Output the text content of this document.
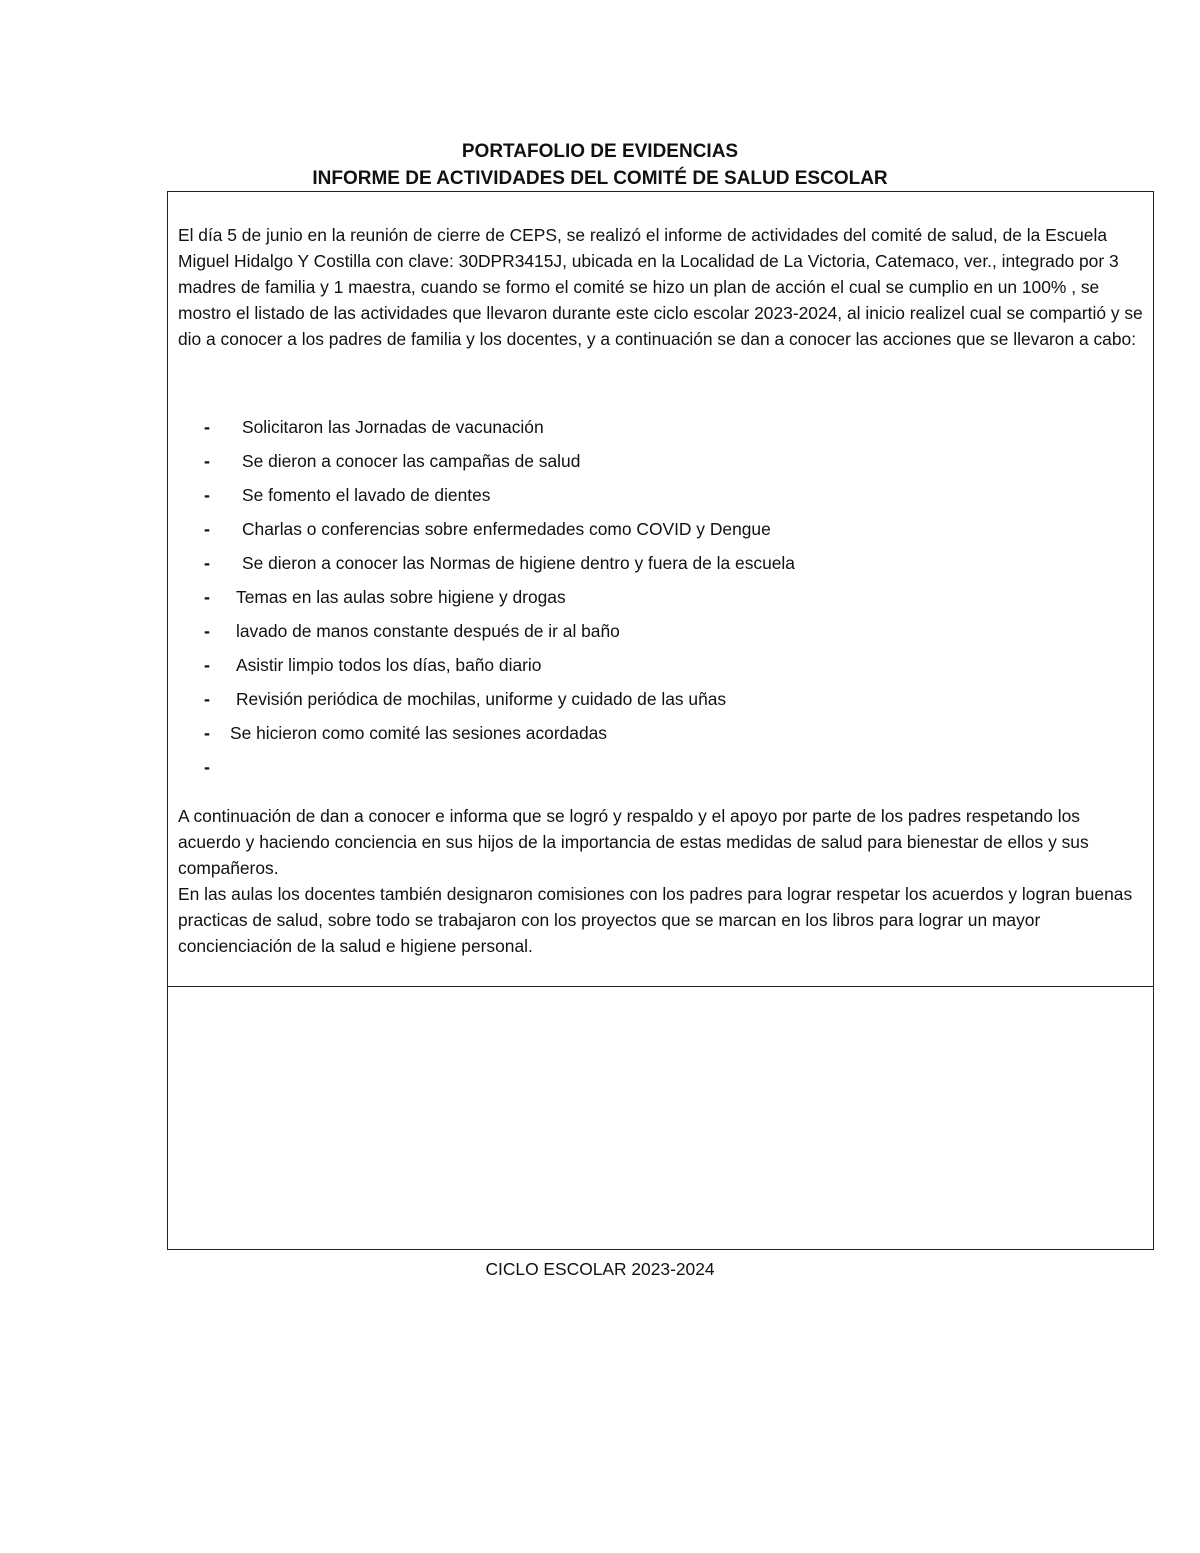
PORTAFOLIO DE EVIDENCIAS
INFORME DE ACTIVIDADES DEL COMITÉ DE SALUD ESCOLAR

El día 5 de junio en la reunión de cierre de CEPS, se realizó el informe de actividades del comité de salud, de la Escuela Miguel Hidalgo Y Costilla con clave: 30DPR3415J, ubicada en la Localidad de La Victoria, Catemaco, ver., integrado por 3 madres de familia y 1 maestra, cuando se formo el comité se hizo un plan de acción el cual se cumplio en un 100% , se mostro el listado de las actividades que llevaron durante este ciclo escolar 2023-2024, al inicio realizel cual se compartió y se dio a conocer a los padres de familia y los docentes, y a continuación se dan a conocer las acciones que se llevaron a cabo:

- Solicitaron las Jornadas de vacunación
- Se dieron a conocer las campañas de salud
- Se fomento el lavado de dientes
- Charlas o conferencias sobre enfermedades como COVID y Dengue
- Se dieron a conocer las Normas de higiene dentro y fuera de la escuela
- Temas en las aulas sobre higiene y drogas
- lavado de manos constante después de ir al baño
- Asistir limpio todos los días, baño diario
- Revisión periódica de mochilas, uniforme y cuidado de las uñas
- Se hicieron como comité las sesiones acordadas
-

A continuación de dan a conocer e informa que se logró y respaldo y el apoyo por parte de los padres respetando los acuerdo y haciendo conciencia en sus hijos de la importancia de estas medidas de salud para bienestar de ellos y sus compañeros.

En las aulas los docentes también designaron comisiones con los padres para lograr respetar los acuerdos y logran buenas practicas de salud, sobre todo se trabajaron con los proyectos que se marcan en los libros para lograr un mayor concienciación de la salud e higiene personal.

CICLO ESCOLAR 2023-2024
